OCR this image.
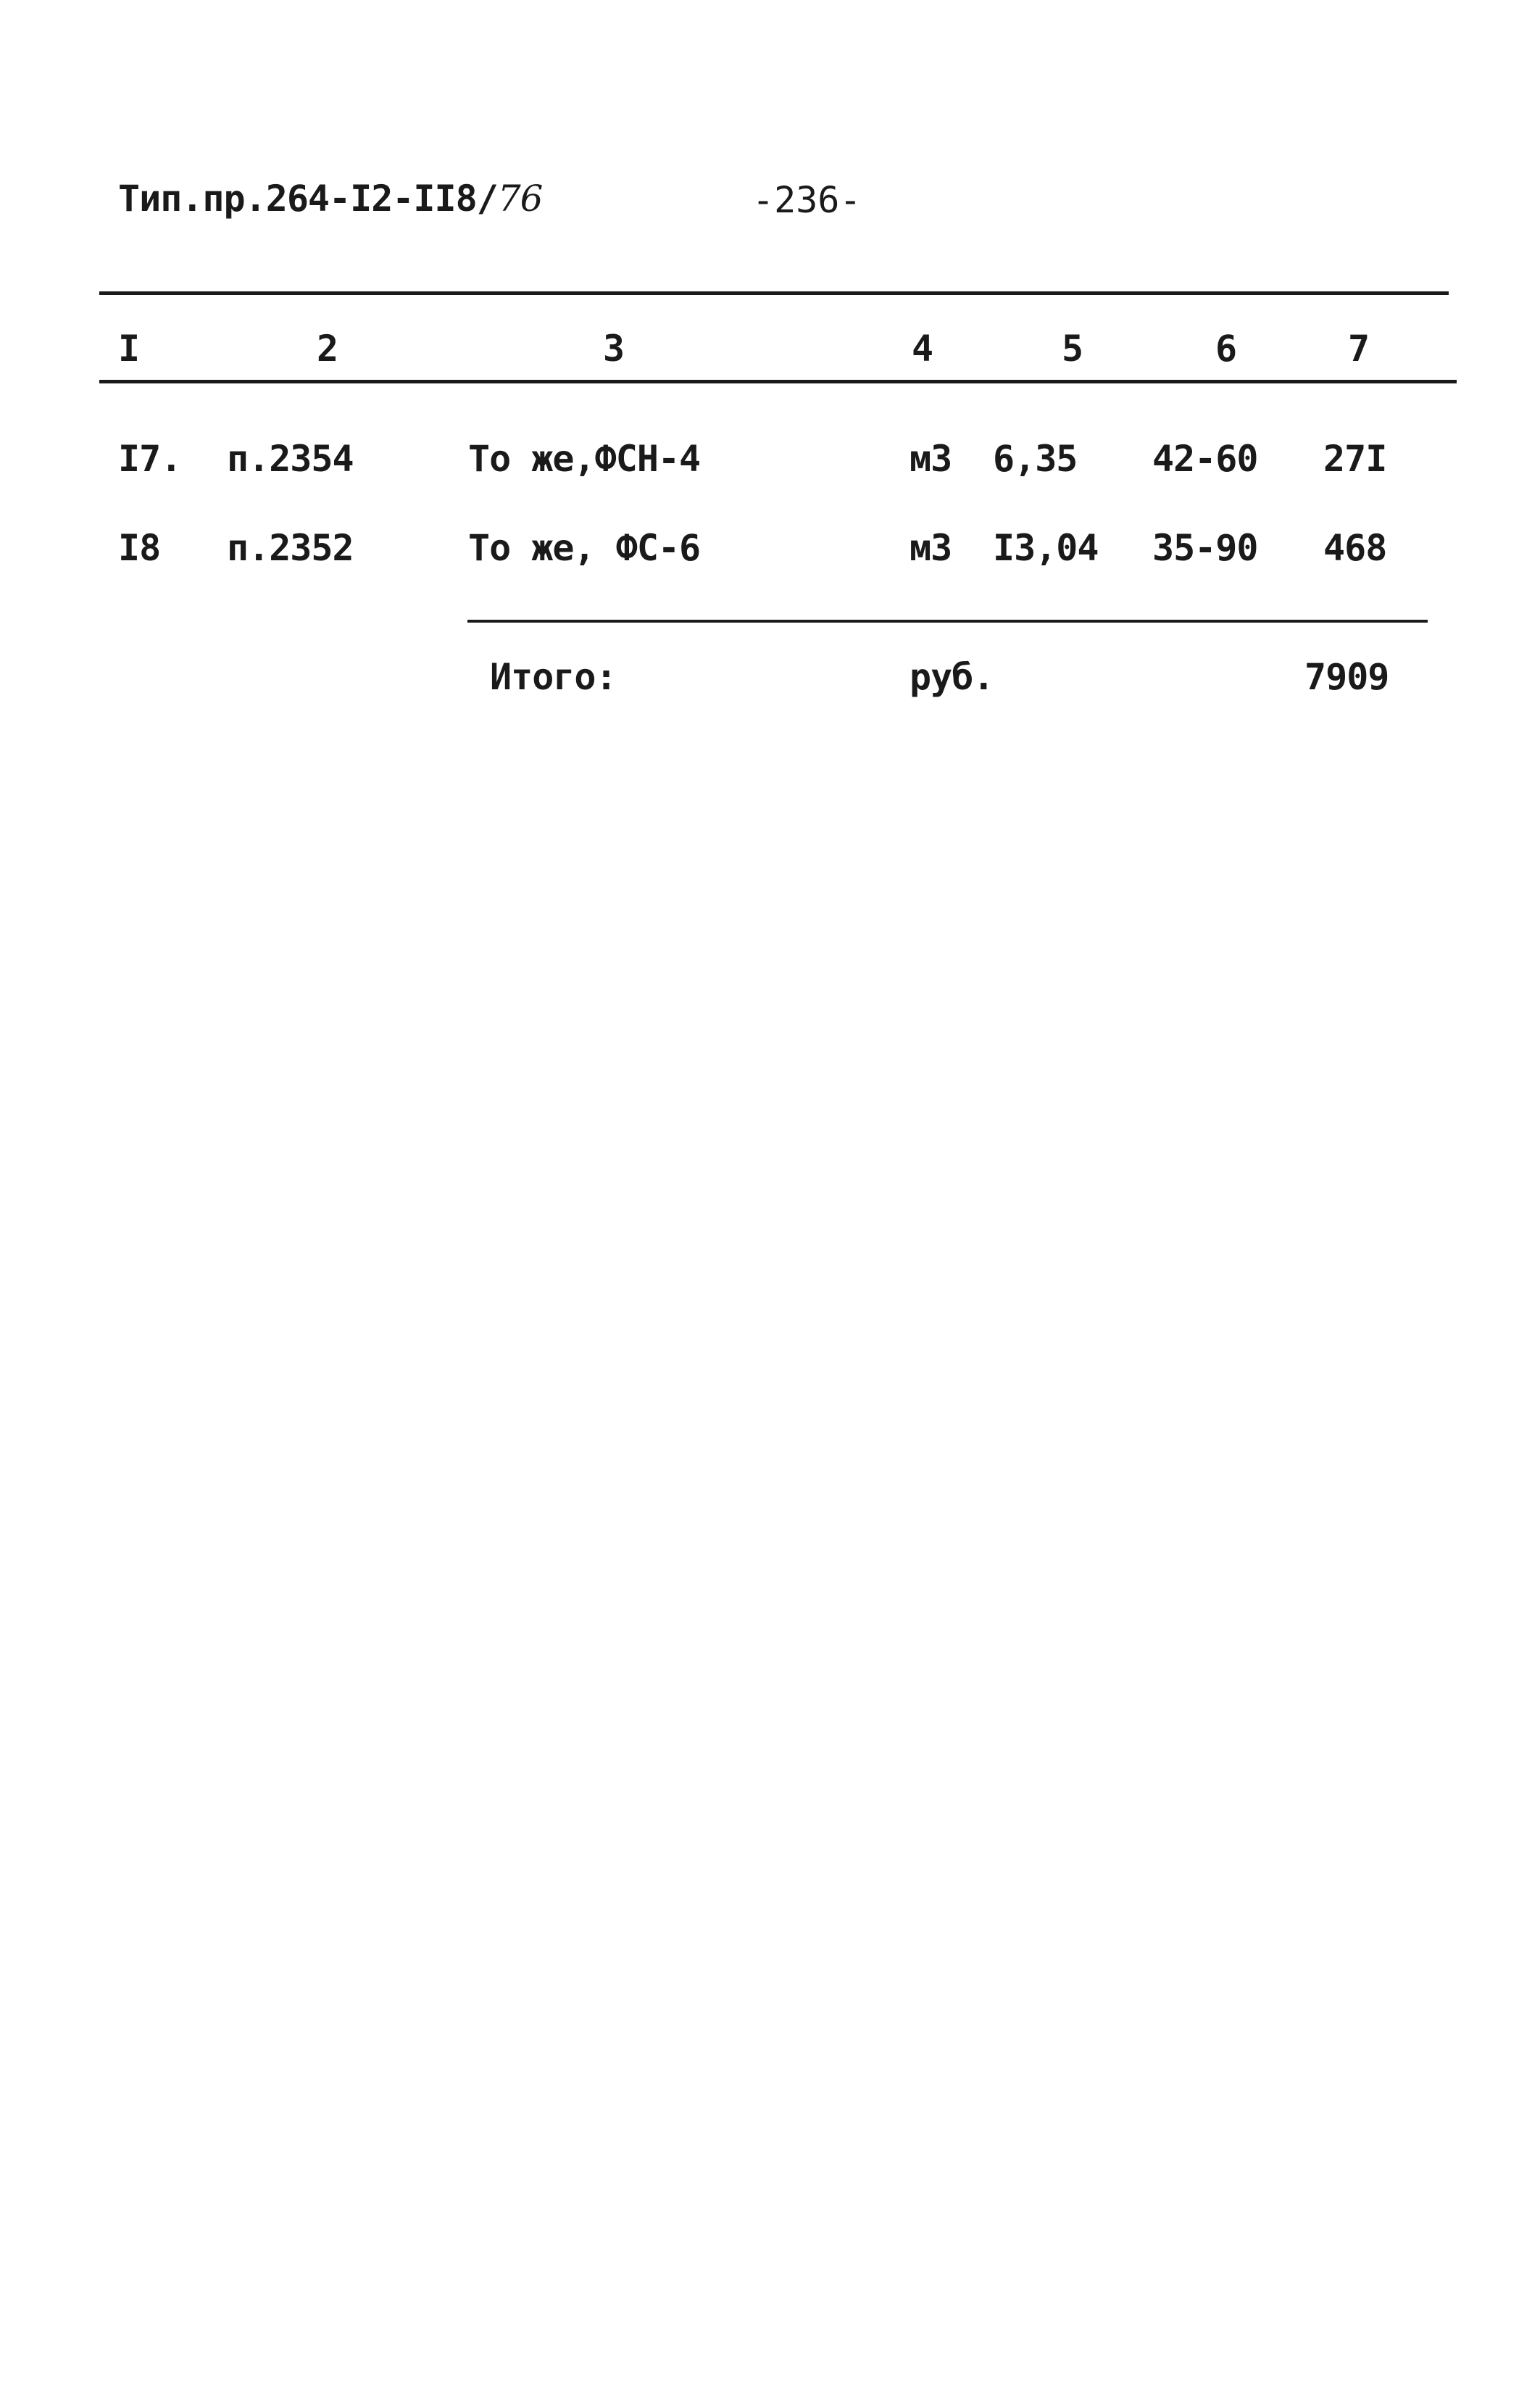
Тип.пр.264-I2-II8/76	-236-
I	2	3	4	5	6	7
I7. п.2354	То же,ФСН-4	м3 6,35 42-60 27I
I8 п.2352	То же, ФС-6	м3 I3,04 35-90 468
Итого:	руб.	7909
